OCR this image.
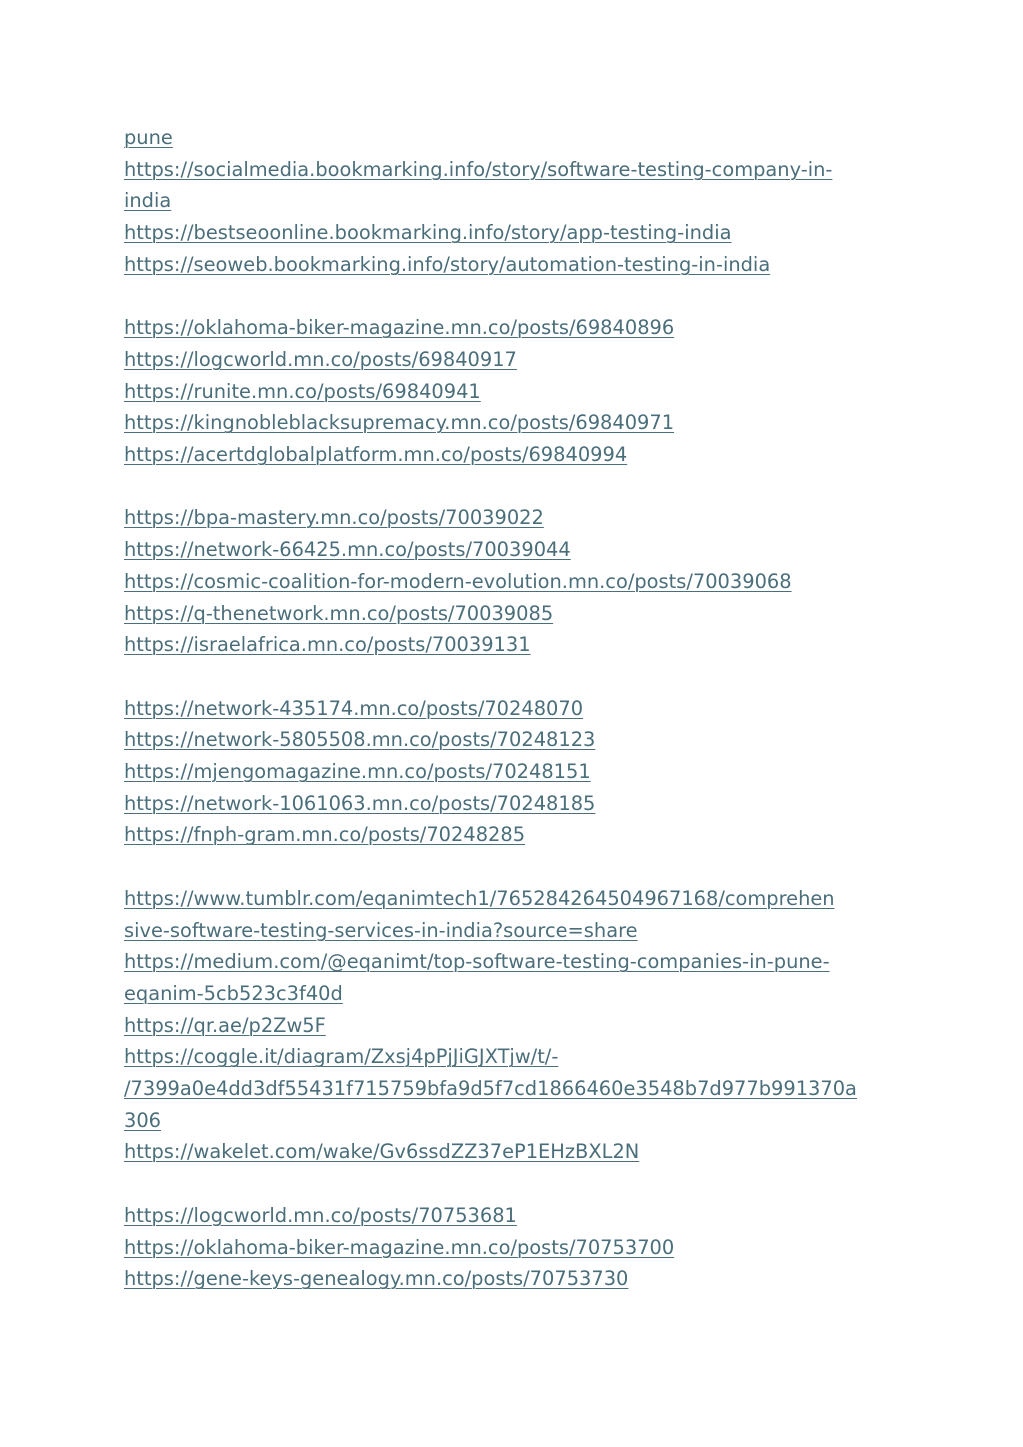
pune
https://socialmedia.bookmarking.info/story/software-testing-company-in-
india
https://bestseoonline.bookmarking.info/story/app-testing-india
https://seoweb.bookmarking.info/story/automation-testing-in-india
https://oklahoma-biker-magazine.mn.co/posts/69840896
https://logcworld.mn.co/posts/69840917
https://runite.mn.co/posts/69840941
https://kingnobleblacksupremacy.mn.co/posts/69840971
https://acertdglobalplatform.mn.co/posts/69840994
https://bpa-mastery.mn.co/posts/70039022
https://network-66425.mn.co/posts/70039044
https://cosmic-coalition-for-modern-evolution.mn.co/posts/70039068
https://q-thenetwork.mn.co/posts/70039085
https://israelafrica.mn.co/posts/70039131
https://network-435174.mn.co/posts/70248070
https://network-5805508.mn.co/posts/70248123
https://mjengomagazine.mn.co/posts/70248151
https://network-1061063.mn.co/posts/70248185
https://fnph-gram.mn.co/posts/70248285
https://www.tumblr.com/eqanimtech1/765284264504967168/comprehen
sive-software-testing-services-in-india?source=share
https://medium.com/@eqanimt/top-software-testing-companies-in-pune-
eqanim-5cb523c3f40d
https://qr.ae/p2Zw5F
https://coggle.it/diagram/Zxsj4pPjJiGJXTjw/t/-
/7399a0e4dd3df55431f715759bfa9d5f7cd1866460e3548b7d977b991370a
306
https://wakelet.com/wake/Gv6ssdZZ37eP1EHzBXL2N
https://logcworld.mn.co/posts/70753681
https://oklahoma-biker-magazine.mn.co/posts/70753700
https://gene-keys-genealogy.mn.co/posts/70753730
